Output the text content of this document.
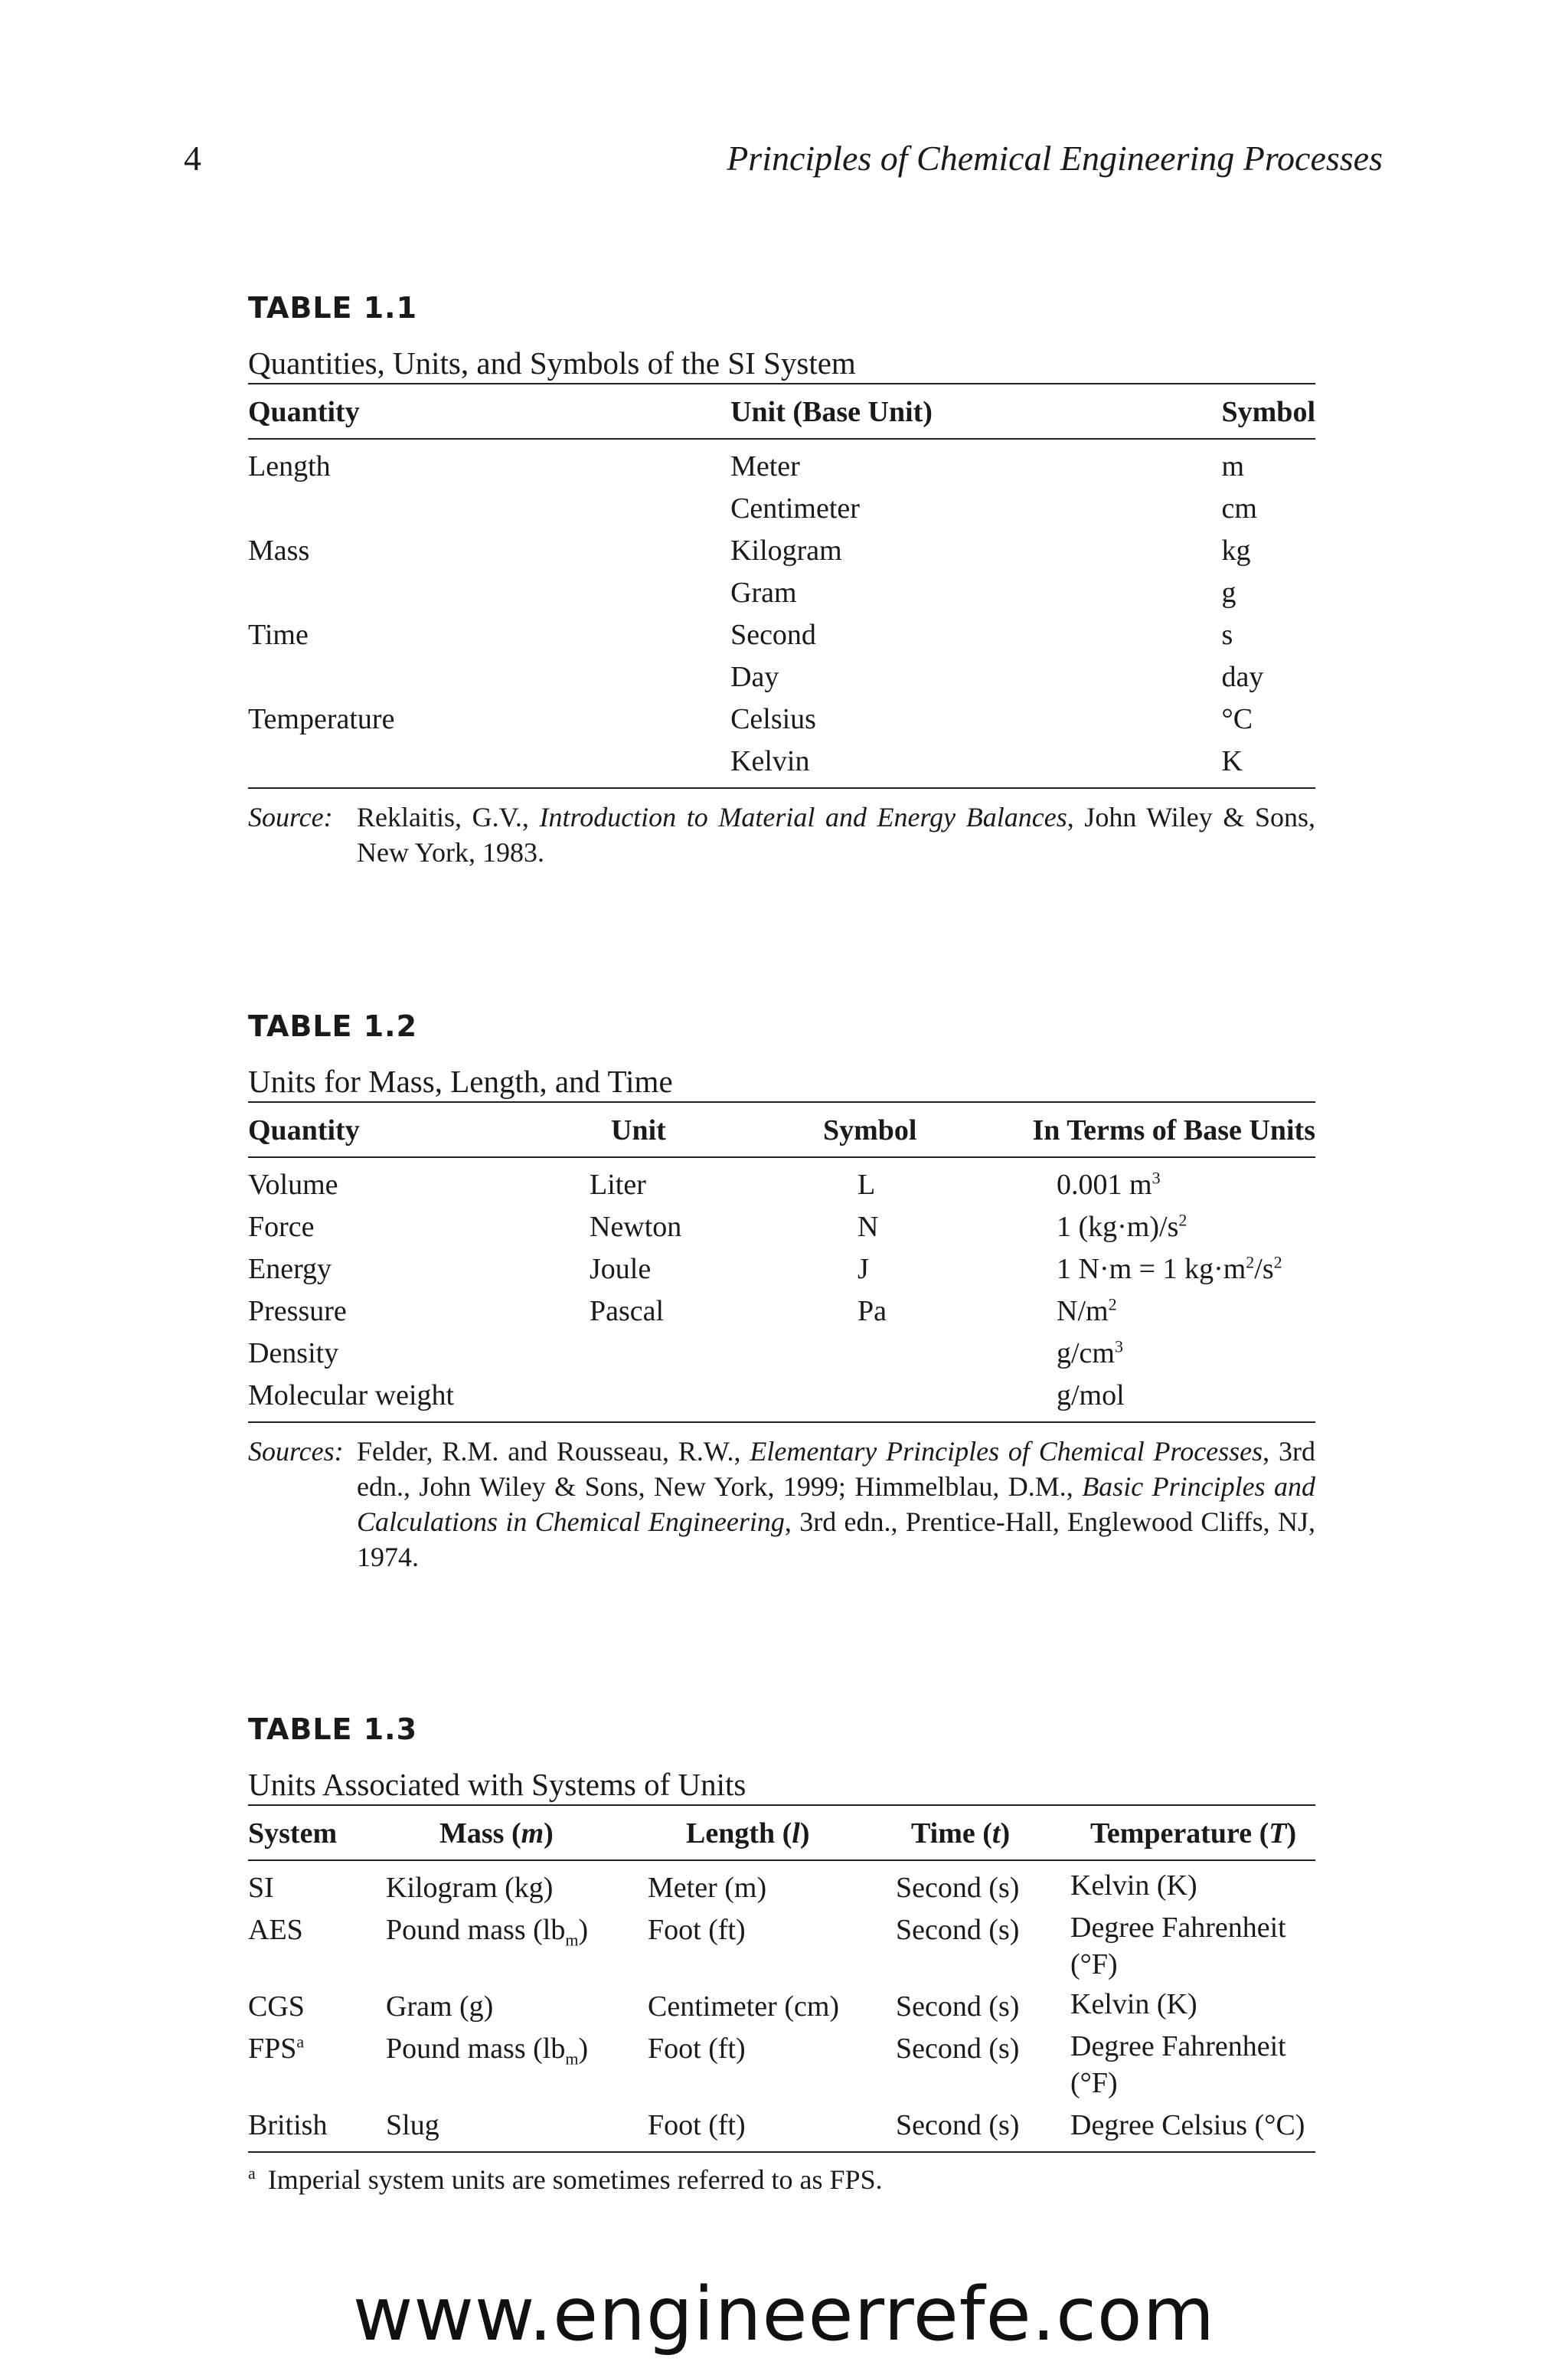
4	Principles of Chemical Engineering Processes
TABLE 1.1
Quantities, Units, and Symbols of the SI System
Quantity	Unit (Base Unit)	Symbol
Length	Meter	m
	Centimeter	cm
Mass	Kilogram	kg
	Gram	g
Time	Second	s
	Day	day
Temperature	Celsius	°C
	Kelvin	K
Source: Reklaitis, G.V., Introduction to Material and Energy Balances, John Wiley & Sons, New York, 1983.
TABLE 1.2
Units for Mass, Length, and Time
Quantity	Unit	Symbol	In Terms of Base Units
Volume	Liter	L	0.001 $m^3$
Force	Newton	N	1 $(kg\cdot m)/s^2$
Energy	Joule	J	1 N·m = 1 $kg\cdot m^2/s^2$
Pressure	Pascal	Pa	$N/m^2$
Density			$g/cm^3$
Molecular weight			g/mol
Sources: Felder, R.M. and Rousseau, R.W., Elementary Principles of Chemical Processes, 3rd edn., John Wiley & Sons, New York, 1999; Himmelblau, D.M., Basic Principles and Calculations in Chemical Engineering, 3rd edn., Prentice-Hall, Englewood Cliffs, NJ, 1974.
TABLE 1.3
Units Associated with Systems of Units
System	Mass (m)	Length (l)	Time (t)	Temperature (T)
SI	Kilogram (kg)	Meter (m)	Second (s)	Kelvin (K)
AES	Pound mass $(lb_m)$	Foot (ft)	Second (s)	Degree Fahrenheit (°F)
CGS	Gram (g)	Centimeter (cm)	Second (s)	Kelvin (K)
FPS$^a$	Pound mass $(lb_m)$	Foot (ft)	Second (s)	Degree Fahrenheit (°F)
British	Slug	Foot (ft)	Second (s)	Degree Celsius (°C)
$^a$ Imperial system units are sometimes referred to as FPS.
www.engineerrefe.com
